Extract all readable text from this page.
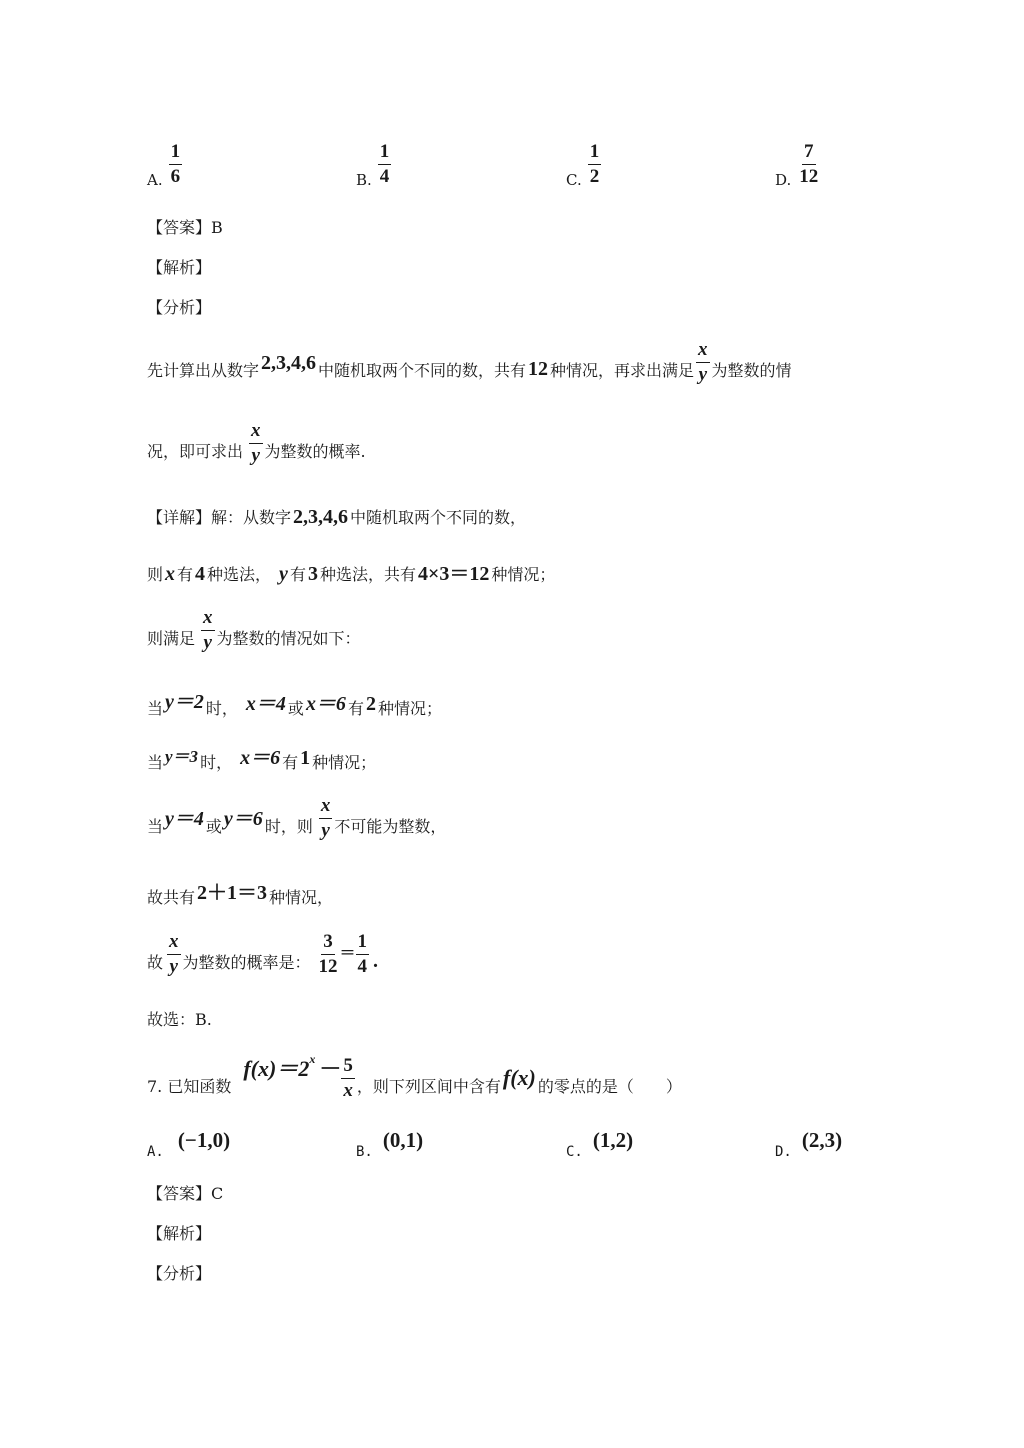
A. $\frac{1}{6}$	B. $\frac{1}{4}$	C. $\frac{1}{2}$	D. $\frac{7}{12}$
【答案】 B
【解析】
【分析】
先计算出从数字 2,3,4,6 中随机取两个不同的数，共有 12 种情况，再求出满足 $\frac{x}{y}$ 为整数的情
况，即可求出 $\frac{x}{y}$ 为整数的概率.
【详解】 解：从数字 2,3,4,6 中随机取两个不同的数，
则 x 有 4 种选法， y 有 3 种选法，共有 4×3＝12 种情况；
则满足 $\frac{x}{y}$ 为整数的情况如下：
当 y＝2 时， x＝4 或 x＝6 有 2 种情况；
当 y＝3 时， x＝6 有 1 种情况；
当 y＝4 或 y＝6 时，则 $\frac{x}{y}$ 不可能为整数，
故共有 2＋1＝3 种情况，
故 $\frac{x}{y}$ 为整数的概率是： $\frac{3}{12} = \frac{1}{4}$ .
故选：B.
7. 已知函数
f(x)＝2 $x - \frac{5}{x}$ ，则下列区间中含有 f(x) 的零点的是（　　）
A. (−1,0)	B. (0,1)	C. (1,2)	D. (2,3)
【答案】 C
【解析】
【分析】
